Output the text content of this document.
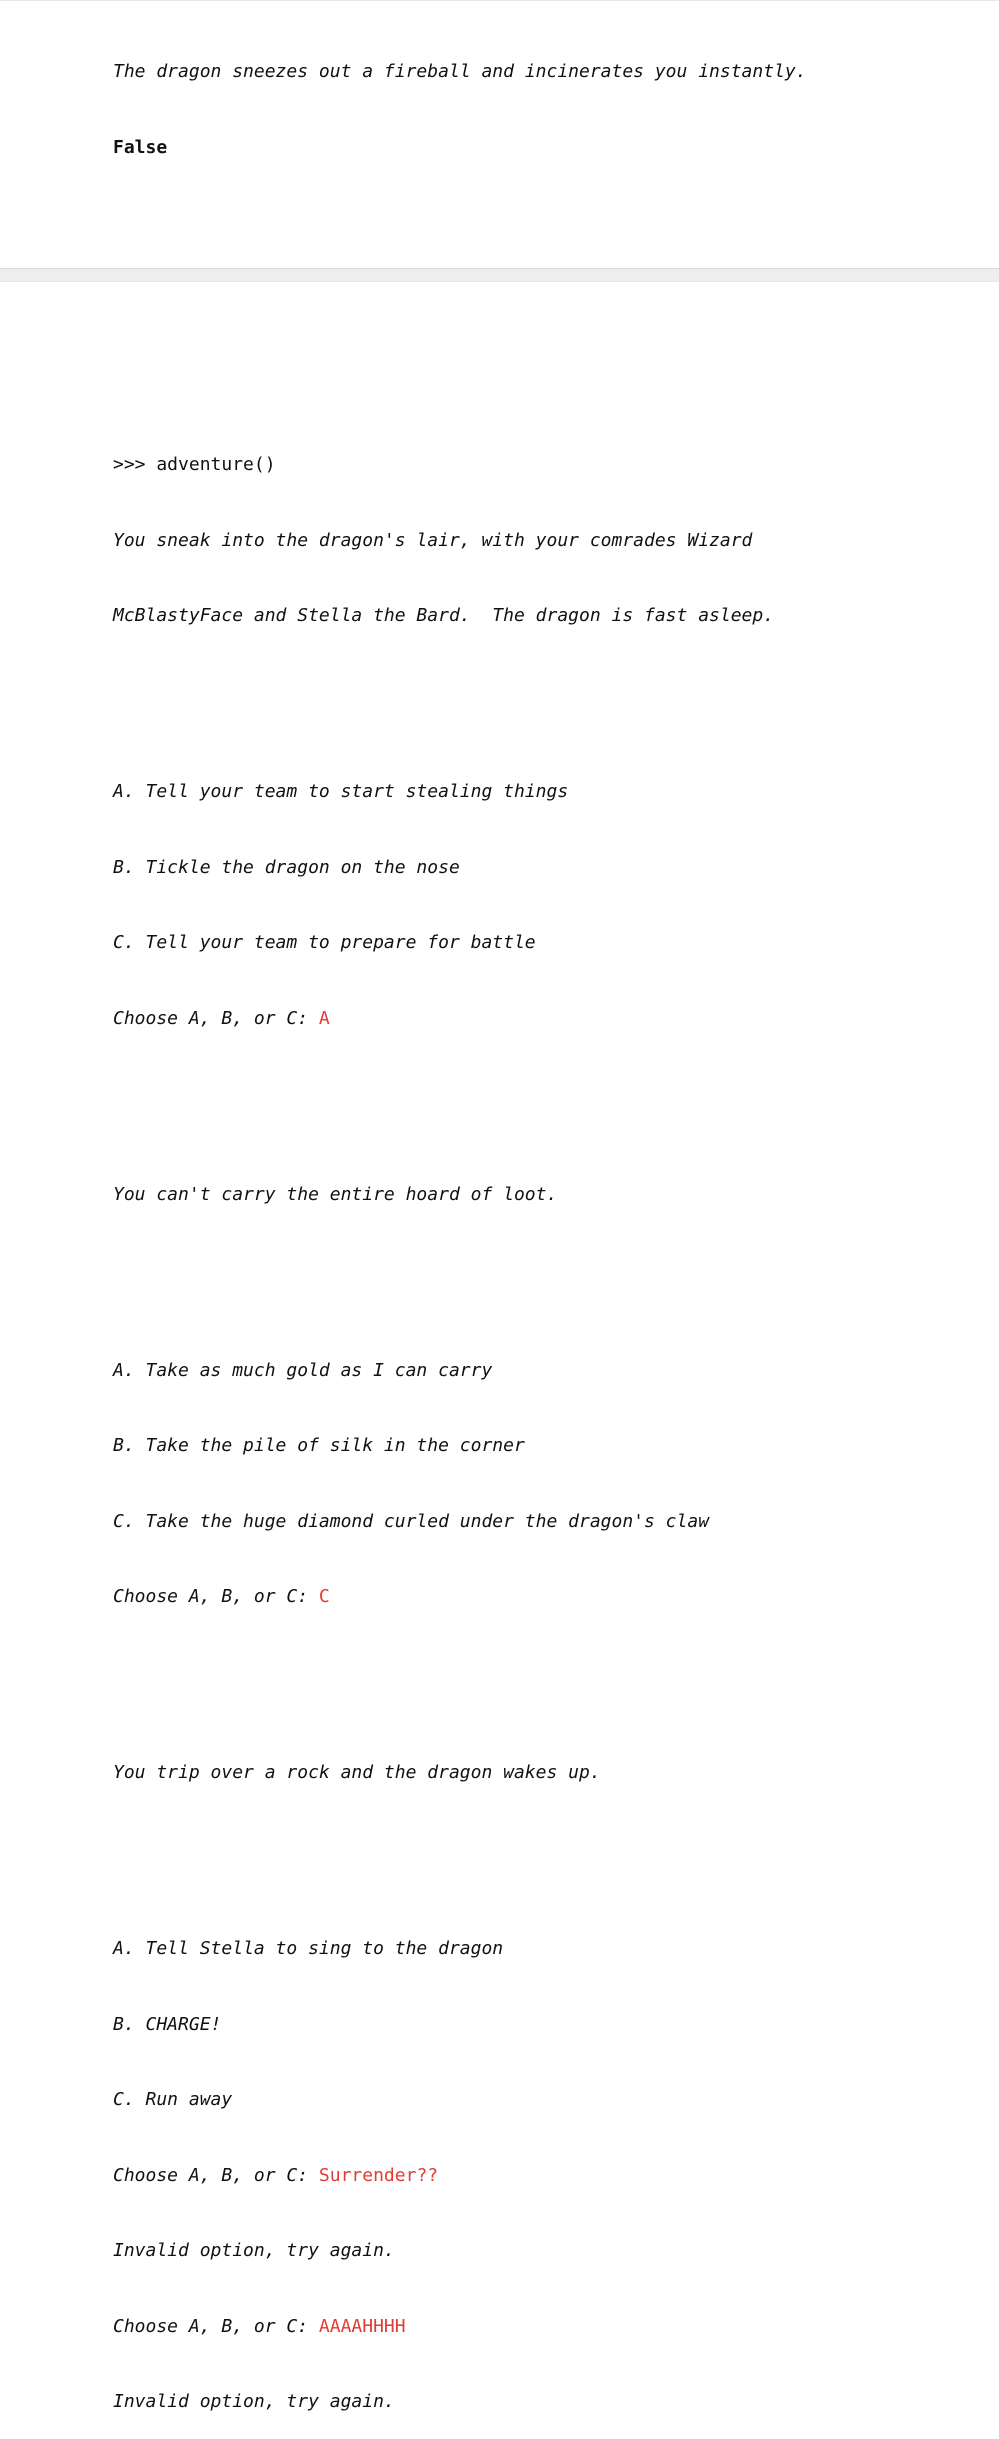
The dragon sneezes out a fireball and incinerates you instantly.

False

>>> adventure()

You sneak into the dragon's lair, with your comrades Wizard

McBlastyFace and Stella the Bard.  The dragon is fast asleep.

A. Tell your team to start stealing things

B. Tickle the dragon on the nose

C. Tell your team to prepare for battle

Choose A, B, or C: A

You can't carry the entire hoard of loot.

A. Take as much gold as I can carry

B. Take the pile of silk in the corner

C. Take the huge diamond curled under the dragon's claw

Choose A, B, or C: C

You trip over a rock and the dragon wakes up.

A. Tell Stella to sing to the dragon

B. CHARGE!

C. Run away

Choose A, B, or C: Surrender??

Invalid option, try again.

Choose A, B, or C: AAAAHHHH

Invalid option, try again.
